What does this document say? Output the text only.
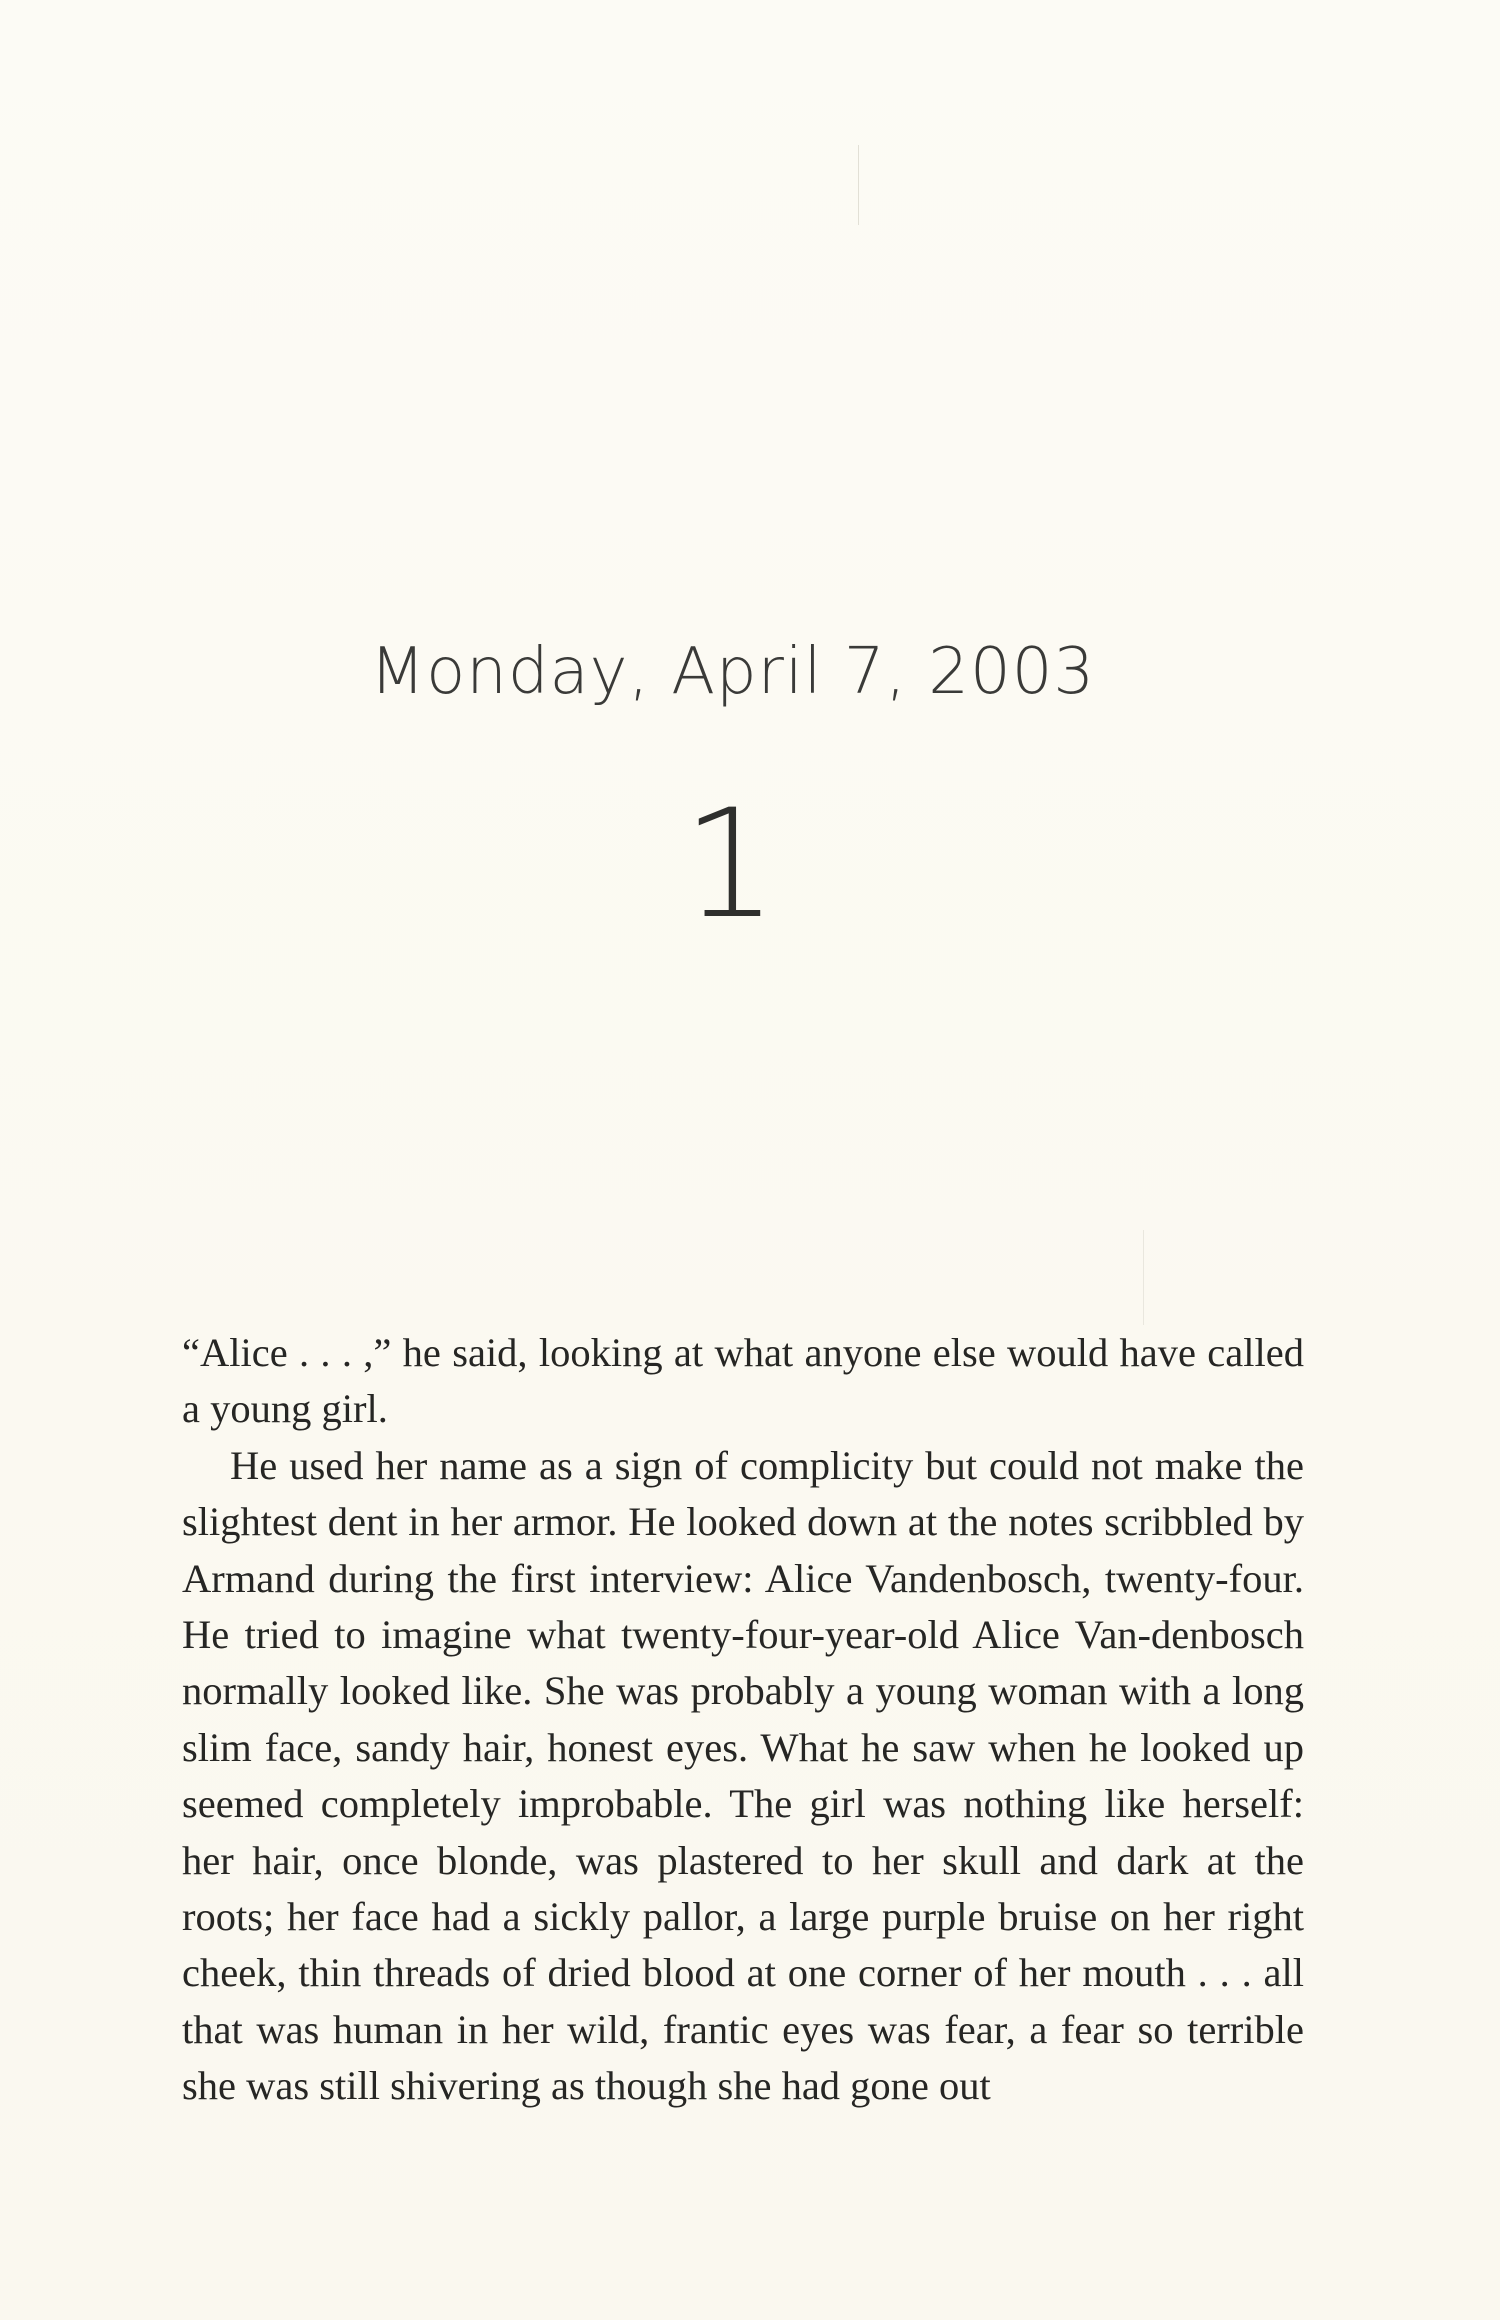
Monday, April 7, 2003
1

“Alice . . . ,” he said, looking at what anyone else would have called a young girl.

He used her name as a sign of complicity but could not make the slightest dent in her armor. He looked down at the notes scribbled by Armand during the first interview: Alice Vandenbosch, twenty-four. He tried to imagine what twenty-four-year-old Alice Van-denbosch normally looked like. She was probably a young woman with a long slim face, sandy hair, honest eyes. What he saw when he looked up seemed completely improbable. The girl was nothing like herself: her hair, once blonde, was plastered to her skull and dark at the roots; her face had a sickly pallor, a large purple bruise on her right cheek, thin threads of dried blood at one corner of her mouth . . . all that was human in her wild, frantic eyes was fear, a fear so terrible she was still shivering as though she had gone out
